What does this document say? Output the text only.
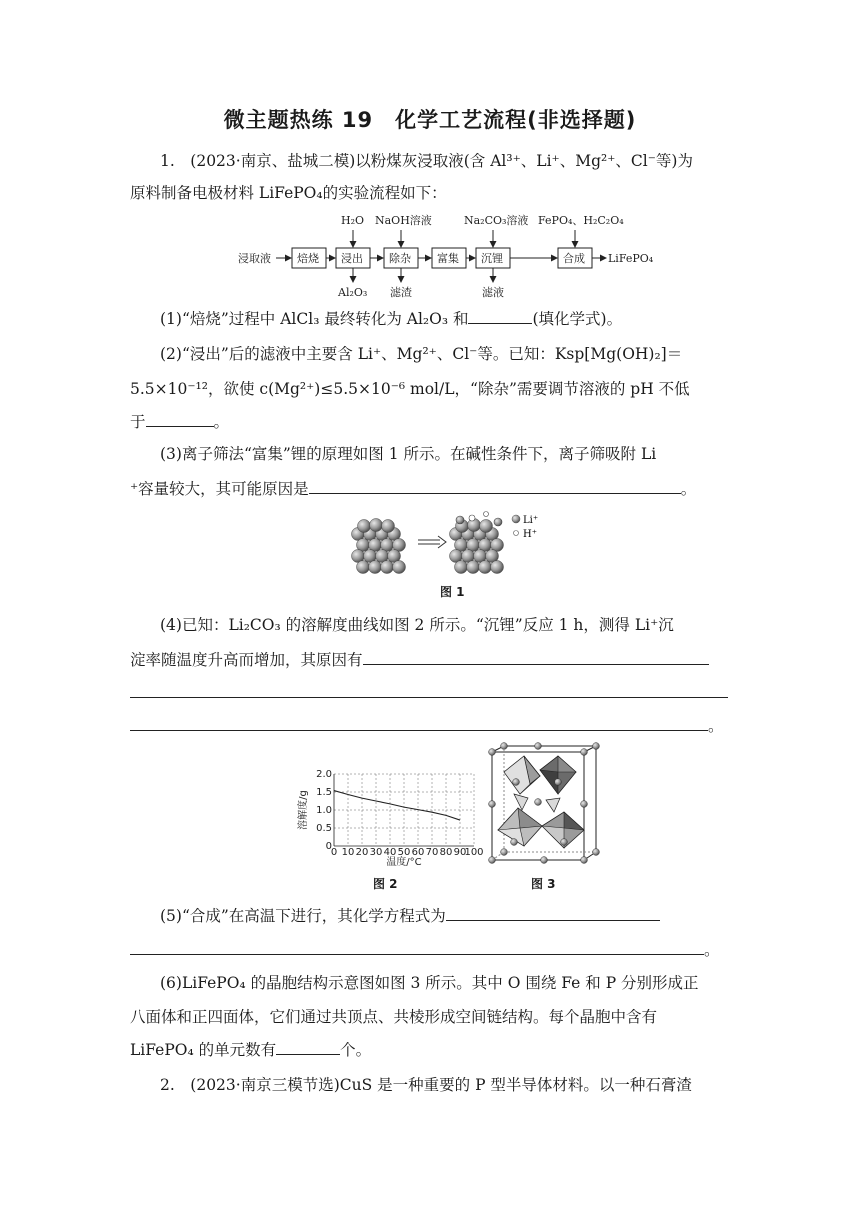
微主题热练 19　化学工艺流程(非选择题)
1.　(2023·南京、盐城二模)以粉煤灰浸取液(含 Al³⁺、Li⁺、Mg²⁺、Cl⁻等)为
原料制备电极材料 LiFePO₄的实验流程如下：
浸取液 焙烧 浸出 除杂 富集 沉锂	合成 LiFePO₄
H₂O NaOH溶液	Na₂CO₃溶液 FePO₄、H₂C₂O₄
Al₂O₃ 滤渣	滤液
(1)“焙烧”过程中 AlCl₃ 最终转化为 Al₂O₃ 和	(填化学式)。
(2)“浸出”后的滤液中主要含 Li⁺、Mg²⁺、Cl⁻等。已知：Ksp[Mg(OH)₂]＝
5.5×10⁻¹²，欲使 c(Mg²⁺)≤5.5×10⁻⁶ mol/L，“除杂”需要调节溶液的 pH 不低
于	。
(3)离子筛法“富集”锂的原理如图 1 所示。在碱性条件下，离子筛吸附 Li
⁺容量较大，其可能原因是	。
Li⁺
H⁺
图 1
(4)已知：Li₂CO₃ 的溶解度曲线如图 2 所示。“沉锂”反应 1 h，测得 Li⁺沉
淀率随温度升高而增加，其原因有
。
0 10 20 30 40 50 60 70 80 90
100
0
0.5
1.0
1.5
2.0
温度/°C
溶解度/g
图 2	图 3
(5)“合成”在高温下进行，其化学方程式为
。
(6)LiFePO₄ 的晶胞结构示意图如图 3 所示。其中 O 围绕 Fe 和 P 分别形成正
八面体和正四面体，它们通过共顶点、共棱形成空间链结构。每个晶胞中含有
LiFePO₄ 的单元数有	个。
2.　(2023·南京三模节选)CuS 是一种重要的 P 型半导体材料。以一种石膏渣
